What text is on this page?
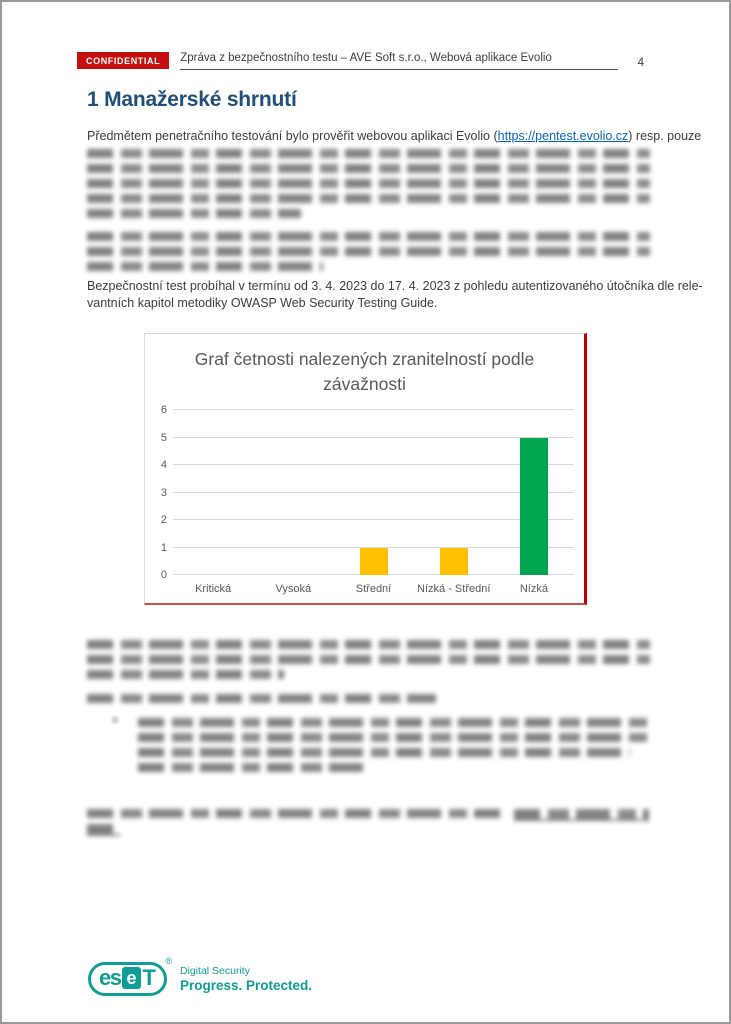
CONFIDENTIAL	Zpráva z bezpečnostního testu – AVE Soft s.r.o., Webová aplikace Evolio	4
1 Manažerské shrnutí
Předmětem penetračního testování bylo prověřit webovou aplikaci Evolio (https://pentest.evolio.cz) resp. pouze
Bezpečnostní test probíhal v termínu od 3. 4. 2023 do 17. 4. 2023 z pohledu autentizovaného útočníka dle rele-
vantních kapitol metodiky OWASP Web Security Testing Guide.
Graf četnosti nalezených zranitelností podle závažnosti
0
1
2
3
4
5
6
Kritická	Vysoká	Střední	Nízká - Střední	Nízká
o
es e T
®
Digital Security
Progress. Protected.
